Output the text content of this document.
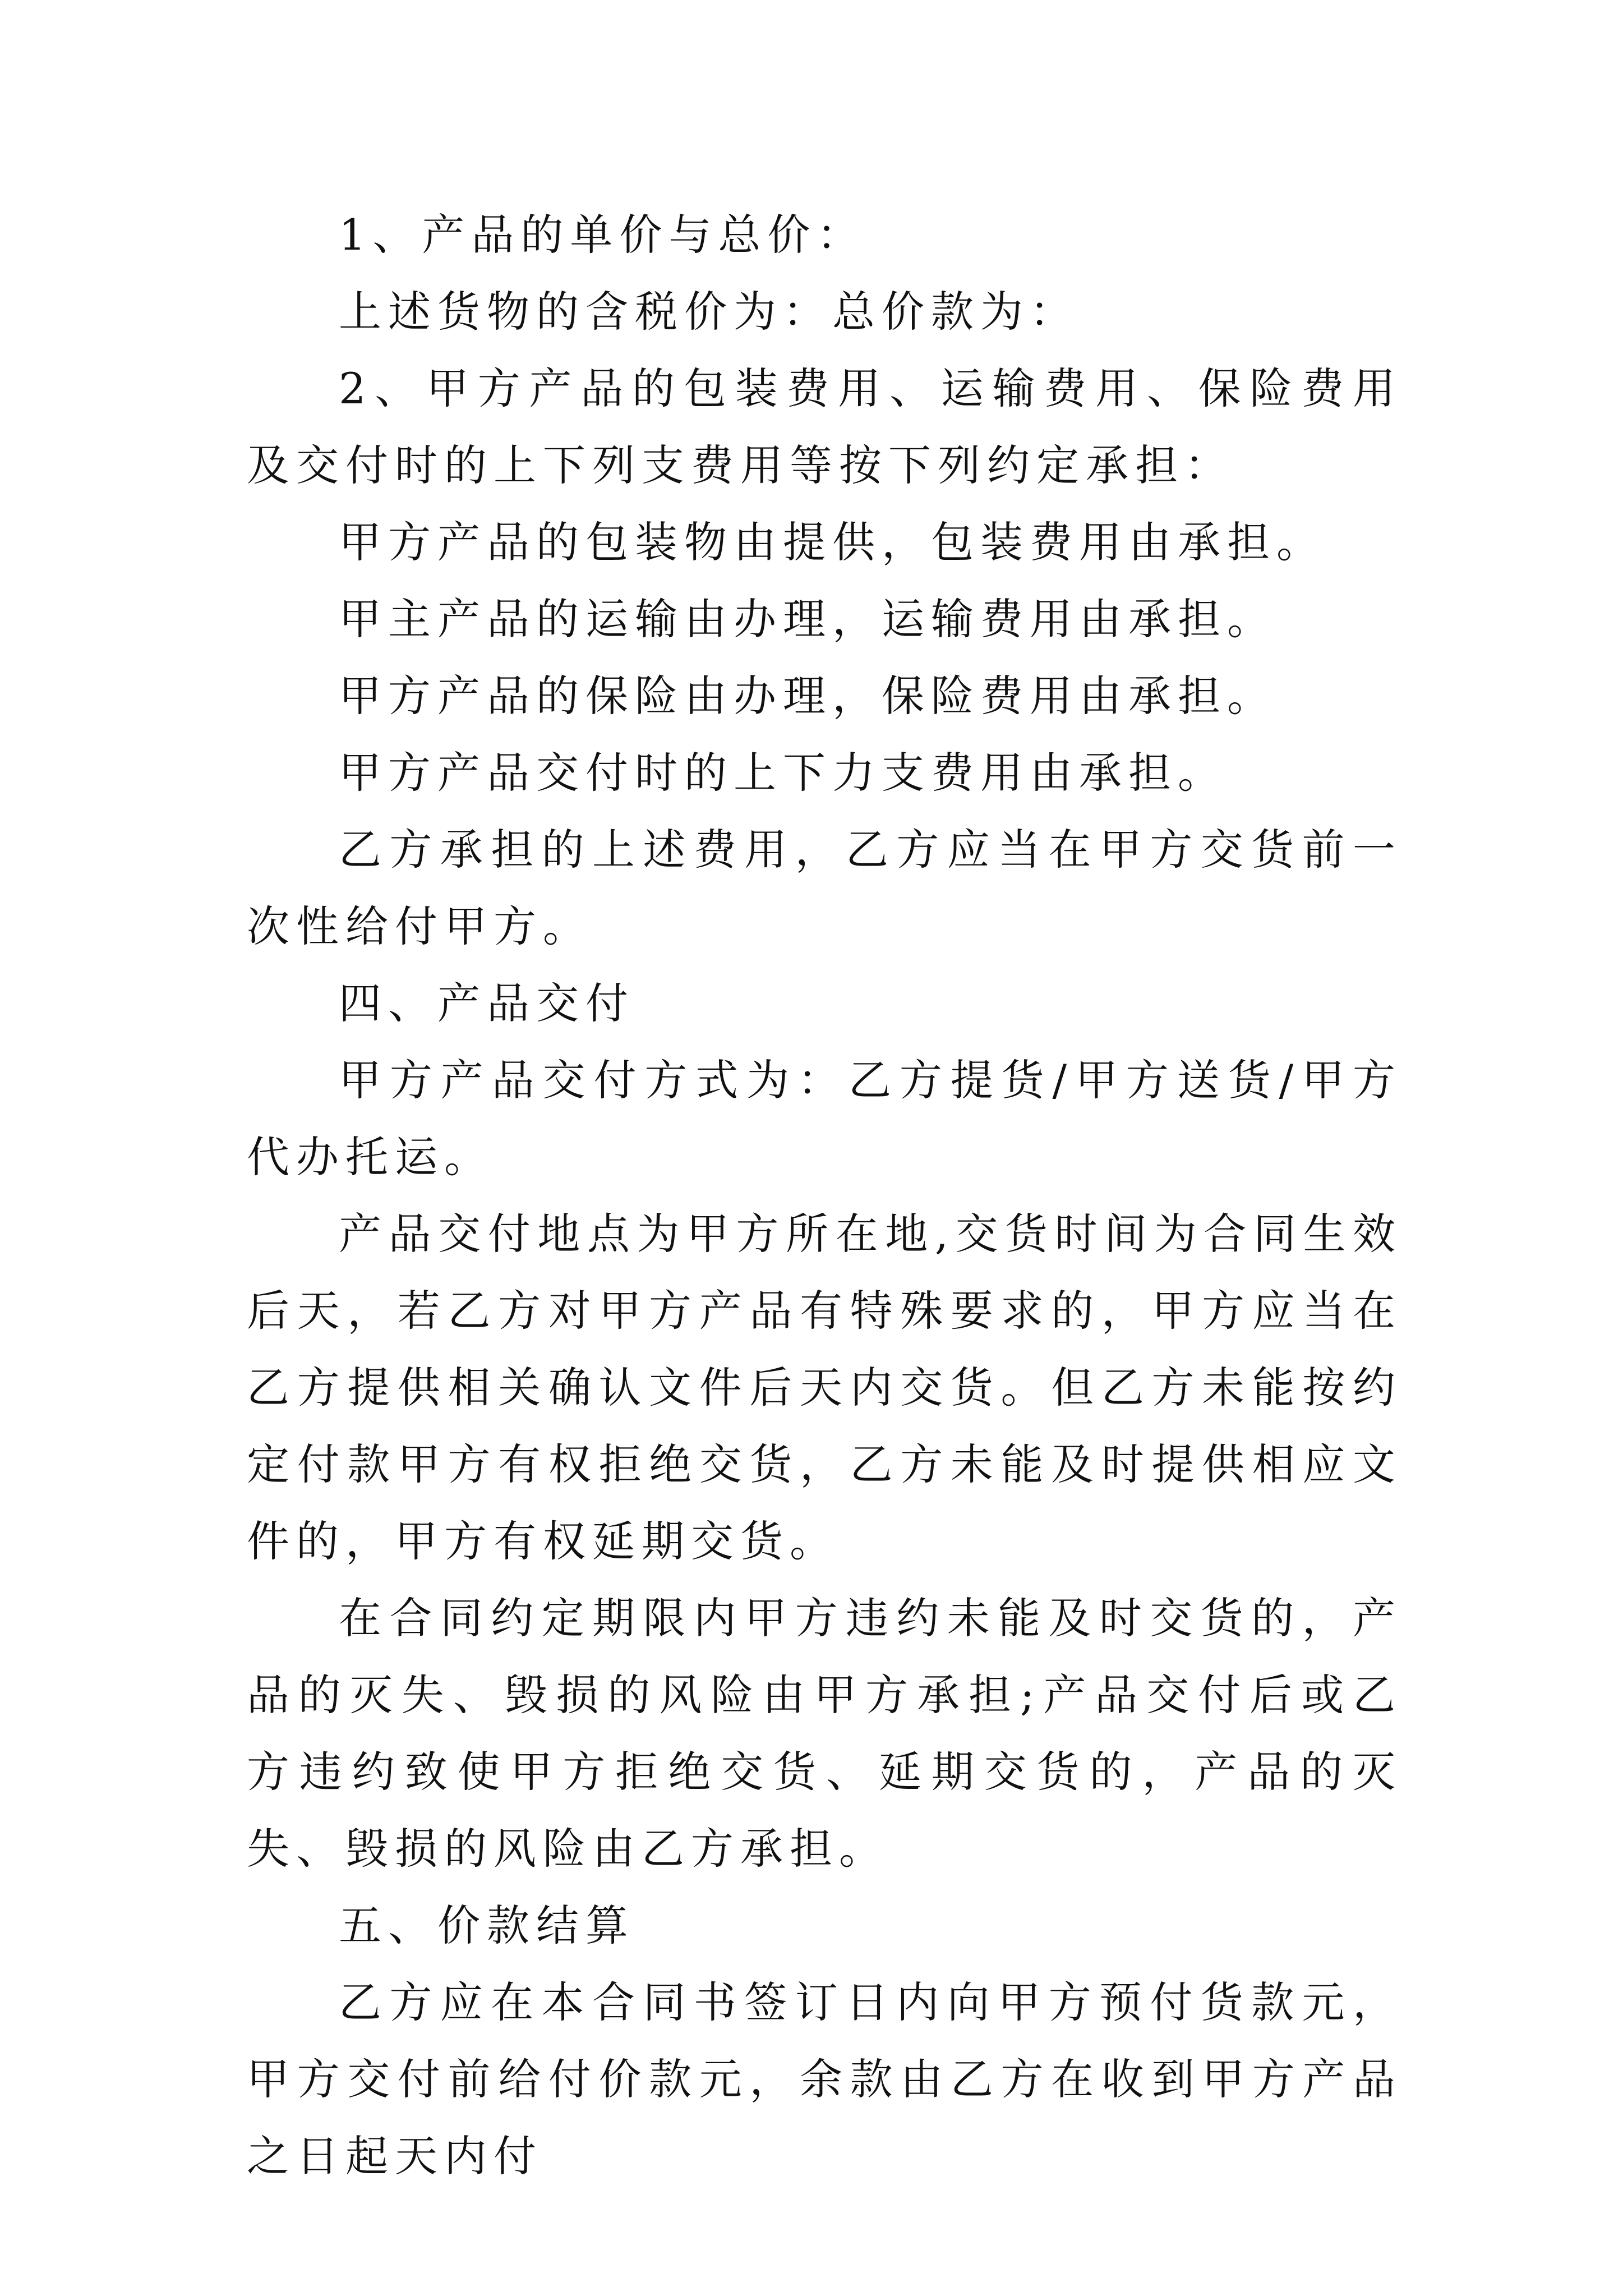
1、产品的单价与总价：

上述货物的含税价为：总价款为：

2、甲方产品的包装费用、运输费用、保险费用及交付时的上下列支费用等按下列约定承担：

甲方产品的包装物由提供，包装费用由承担。

甲主产品的运输由办理，运输费用由承担。

甲方产品的保险由办理，保险费用由承担。

甲方产品交付时的上下力支费用由承担。

乙方承担的上述费用，乙方应当在甲方交货前一次性给付甲方。

四、产品交付

甲方产品交付方式为：乙方提货/甲方送货/甲方代办托运。

产品交付地点为甲方所在地,交货时间为合同生效后天，若乙方对甲方产品有特殊要求的，甲方应当在乙方提供相关确认文件后天内交货。但乙方未能按约定付款甲方有权拒绝交货，乙方未能及时提供相应文件的，甲方有权延期交货。

在合同约定期限内甲方违约未能及时交货的，产品的灭失、毁损的风险由甲方承担;产品交付后或乙方违约致使甲方拒绝交货、延期交货的，产品的灭失、毁损的风险由乙方承担。

五、价款结算

乙方应在本合同书签订日内向甲方预付货款元，甲方交付前给付价款元，余款由乙方在收到甲方产品之日起天内付
